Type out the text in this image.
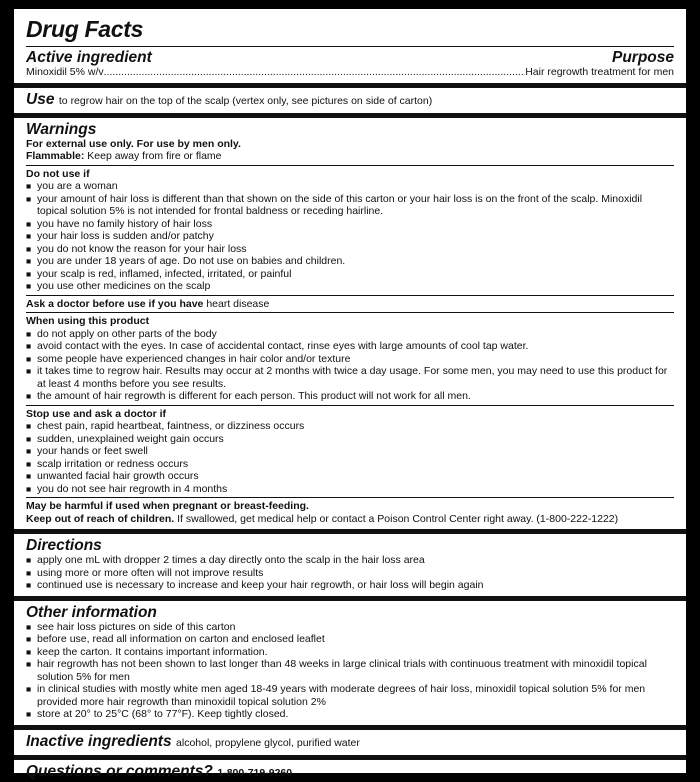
Drug Facts
Active ingredient	Purpose
Minoxidil 5% w/v
.....	Hair regrowth treatment for men
Use to regrow hair on the top of the scalp (vertex only, see pictures on side of carton)
Warnings
For external use only. For use by men only.
Flammable: Keep away from fire or flame
Do not use if
■ you are a woman
■ your amount of hair loss is different than that shown on the side of this carton or your hair loss is on the front of the scalp. Minoxidil topical solution 5% is not intended for frontal baldness or receding hairline.
■ you have no family history of hair loss
■ your hair loss is sudden and/or patchy
■ you do not know the reason for your hair loss
■ you are under 18 years of age. Do not use on babies and children.
■ your scalp is red, inflamed, infected, irritated, or painful
■ you use other medicines on the scalp
Ask a doctor before use if you have heart disease
When using this product
■ do not apply on other parts of the body
■ avoid contact with the eyes. In case of accidental contact, rinse eyes with large amounts of cool tap water.
■ some people have experienced changes in hair color and/or texture
■ it takes time to regrow hair. Results may occur at 2 months with twice a day usage. For some men, you may need to use this product for at least 4 months before you see results.
■ the amount of hair regrowth is different for each person. This product will not work for all men.
Stop use and ask a doctor if
■ chest pain, rapid heartbeat, faintness, or dizziness occurs
■ sudden, unexplained weight gain occurs
■ your hands or feet swell
■ scalp irritation or redness occurs
■ unwanted facial hair growth occurs
■ you do not see hair regrowth in 4 months
May be harmful if used when pregnant or breast-feeding.
Keep out of reach of children. If swallowed, get medical help or contact a Poison Control Center right away. (1-800-222-1222)
Directions
■ apply one mL with dropper 2 times a day directly onto the scalp in the hair loss area
■ using more or more often will not improve results
■ continued use is necessary to increase and keep your hair regrowth, or hair loss will begin again
Other information
■ see hair loss pictures on side of this carton
■ before use, read all information on carton and enclosed leaflet
■ keep the carton. It contains important information.
■ hair regrowth has not been shown to last longer than 48 weeks in large clinical trials with continuous treatment with minoxidil topical solution 5% for men
■ in clinical studies with mostly white men aged 18-49 years with moderate degrees of hair loss, minoxidil topical solution 5% for men provided more hair regrowth than minoxidil topical solution 2%
■ store at 20° to 25°C (68° to 77°F). Keep tightly closed.
Inactive ingredients alcohol, propylene glycol, purified water
Questions or comments? 1-800-719-9260
